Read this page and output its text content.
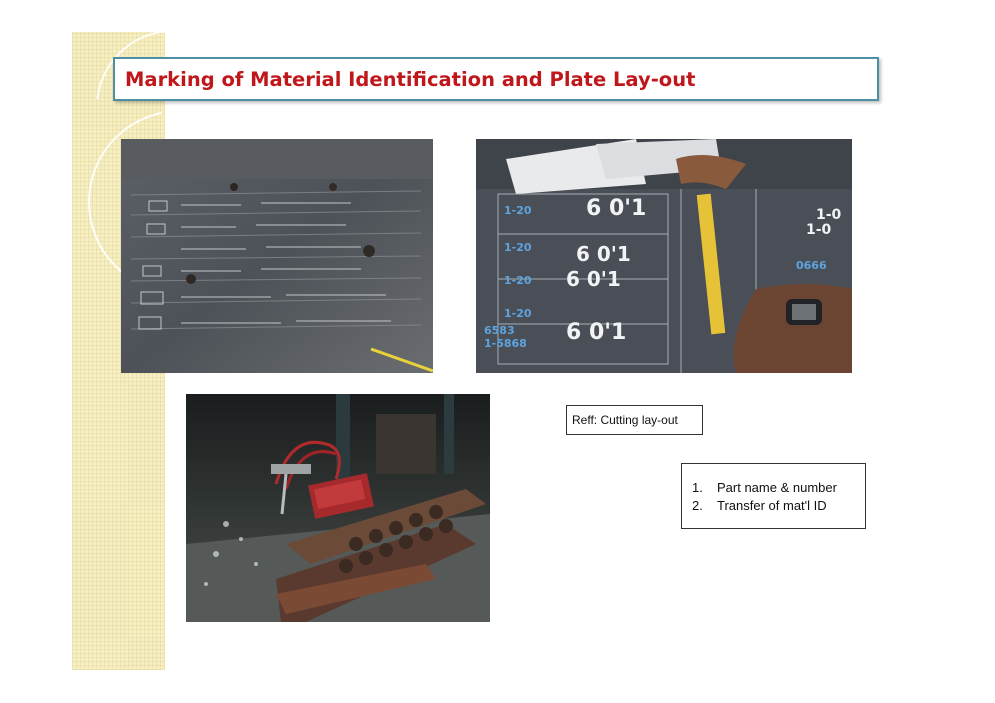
Marking of Material Identification and Plate Lay-out
6 0'1
6 0'1
6 0'1
6 0'1
1-0
1-0
1-20
1-20
1-20
1-20
6583
1-5868
0666
Reff: Cutting lay-out
1. Part name & number
2. Transfer of mat'l ID
